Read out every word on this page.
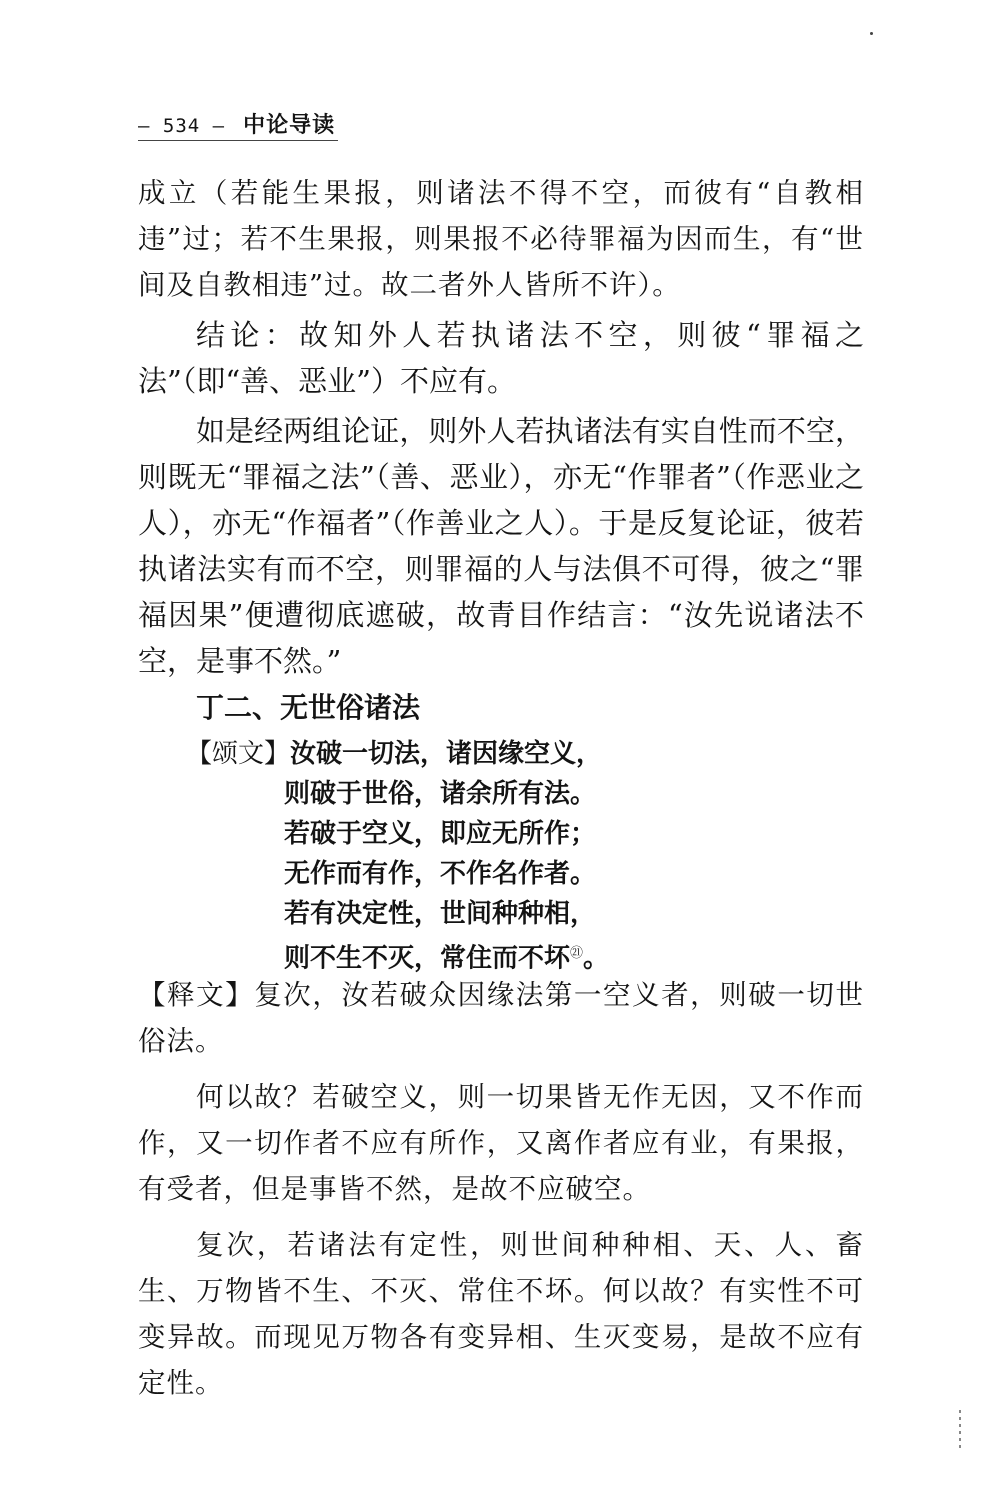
— 534 — 中论导读

成立（若能生果报，则诸法不得不空，而彼有“自教相违”过；若不生果报，则果报不必待罪福为因而生，有“世间及自教相违”过。故二者外人皆所不许）。

结论：故知外人若执诸法不空，则彼“罪福之法”（即“善、恶业”）不应有。

如是经两组论证，则外人若执诸法有实自性而不空，则既无“罪福之法”（善、恶业），亦无“作罪者”（作恶业之人），亦无“作福者”（作善业之人）。于是反复论证，彼若执诸法实有而不空，则罪福的人与法俱不可得，彼之“罪福因果”便遭彻底遮破，故青目作结言：“汝先说诸法不空，是事不然。”

丁二、无世俗诸法
【颂文】汝破一切法，诸因缘空义，
则破于世俗，诸余所有法。
若破于空义，即应无所作；
无作而有作，不作名作者。
若有决定性，世间种种相，
则不生不灭，常住而不坏$^㉑$。

【释文】复次，汝若破众因缘法第一空义者，则破一切世俗法。

何以故？若破空义，则一切果皆无作无因，又不作而作，又一切作者不应有所作，又离作者应有业，有果报，有受者，但是事皆不然，是故不应破空。

复次，若诸法有定性，则世间种种相、天、人、畜生、万物皆不生、不灭、常住不坏。何以故？有实性不可变异故。而现见万物各有变异相、生灭变易，是故不应有定性。
